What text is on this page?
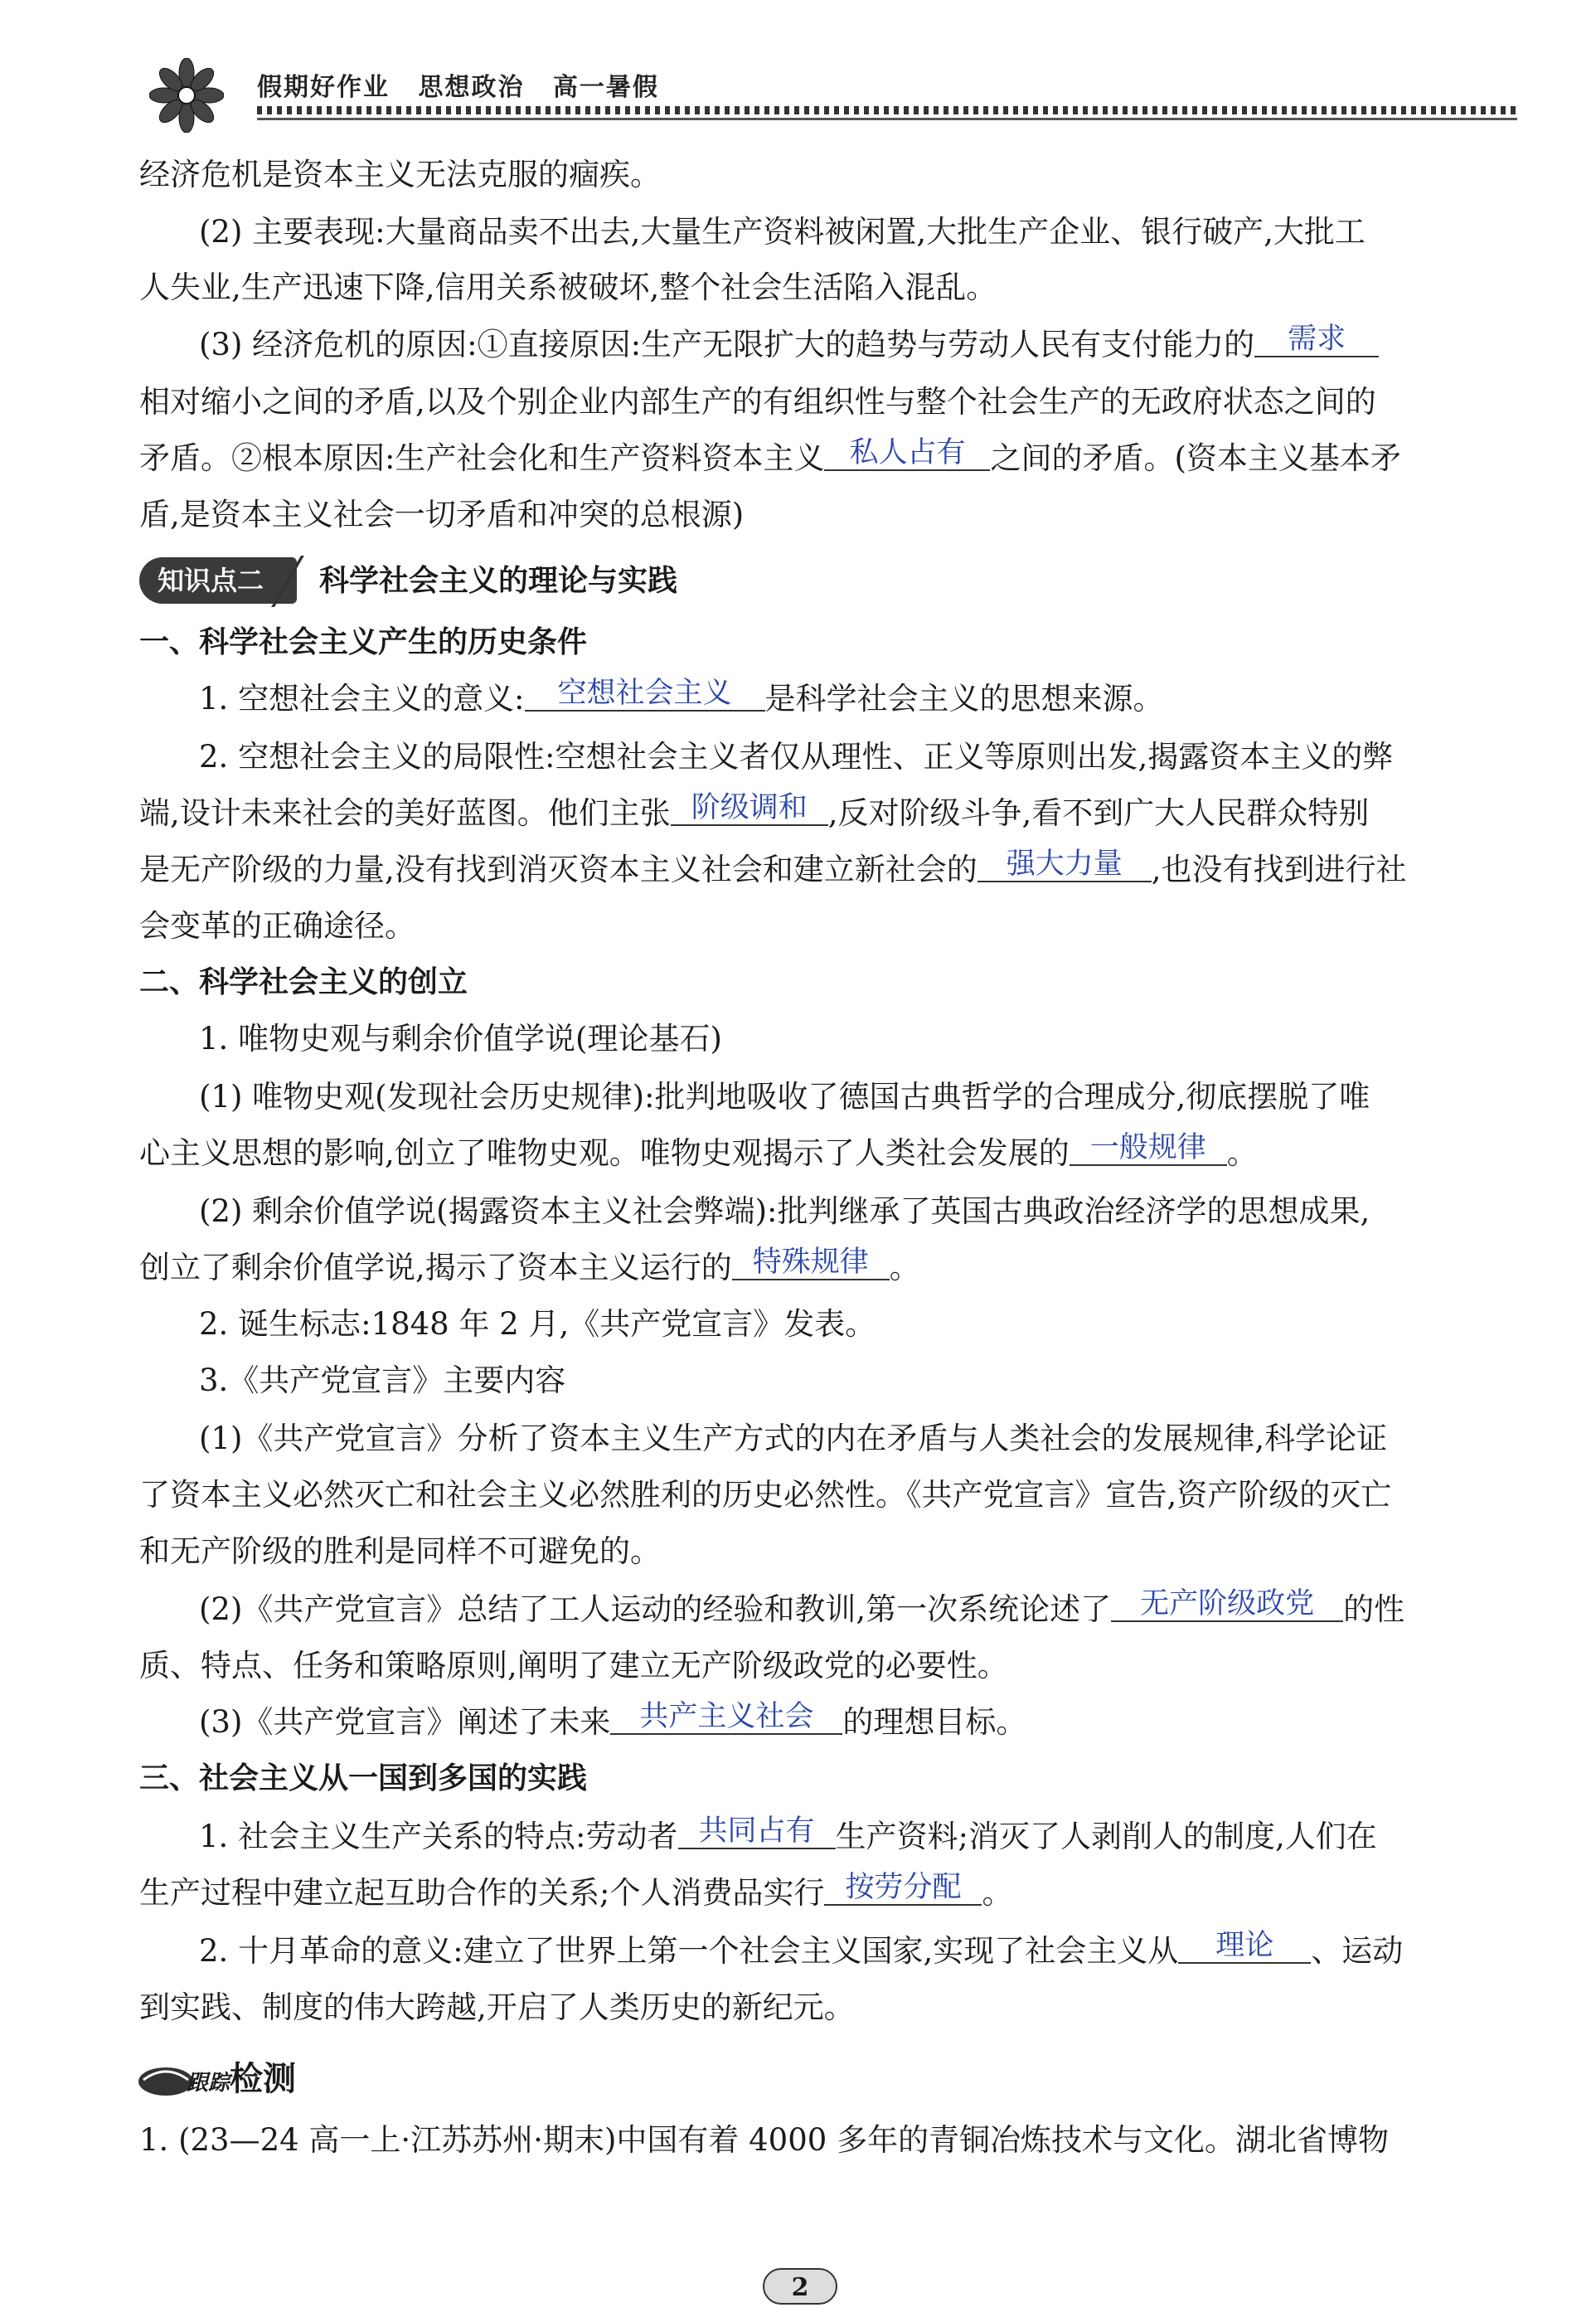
假期好作业 思想政治 高一暑假
经济危机是资本主义无法克服的痼疾。
(2) 主要表现:大量商品卖不出去,大量生产资料被闲置,大批生产企业、银行破产,大批工
人失业,生产迅速下降,信用关系被破坏,整个社会生活陷入混乱。
(3) 经济危机的原因:①直接原因:生产无限扩大的趋势与劳动人民有支付能力的 需求
相对缩小之间的矛盾,以及个别企业内部生产的有组织性与整个社会生产的无政府状态之间的
矛盾。②根本原因:生产社会化和生产资料资本主义 私人占有 之间的矛盾。(资本主义基本矛
盾,是资本主义社会一切矛盾和冲突的总根源)
知识点二	科学社会主义的理论与实践
一、科学社会主义产生的历史条件
1. 空想社会主义的意义: 空想社会主义 是科学社会主义的思想来源。
2. 空想社会主义的局限性:空想社会主义者仅从理性、正义等原则出发,揭露资本主义的弊
端,设计未来社会的美好蓝图。他们主张 阶级调和 ,反对阶级斗争,看不到广大人民群众特别
是无产阶级的力量,没有找到消灭资本主义社会和建立新社会的 强大力量 ,也没有找到进行社
会变革的正确途径。
二、科学社会主义的创立
1. 唯物史观与剩余价值学说(理论基石)
(1) 唯物史观(发现社会历史规律):批判地吸收了德国古典哲学的合理成分,彻底摆脱了唯
心主义思想的影响,创立了唯物史观。唯物史观揭示了人类社会发展的 一般规律 。
(2) 剩余价值学说(揭露资本主义社会弊端):批判继承了英国古典政治经济学的思想成果,
创立了剩余价值学说,揭示了资本主义运行的 特殊规律 。
2. 诞生标志:1848 年 2 月,《共产党宣言》发表。
3.《共产党宣言》主要内容
(1)《共产党宣言》分析了资本主义生产方式的内在矛盾与人类社会的发展规律,科学论证
了资本主义必然灭亡和社会主义必然胜利的历史必然性。《共产党宣言》宣告,资产阶级的灭亡
和无产阶级的胜利是同样不可避免的。
(2)《共产党宣言》总结了工人运动的经验和教训,第一次系统论述了 无产阶级政党 的性
质、特点、任务和策略原则,阐明了建立无产阶级政党的必要性。
(3)《共产党宣言》阐述了未来 共产主义社会 的理想目标。
三、社会主义从一国到多国的实践
1. 社会主义生产关系的特点:劳动者 共同占有 生产资料;消灭了人剥削人的制度,人们在
生产过程中建立起互助合作的关系;个人消费品实行 按劳分配 。
2. 十月革命的意义:建立了世界上第一个社会主义国家,实现了社会主义从 理论 、运动
到实践、制度的伟大跨越,开启了人类历史的新纪元。
跟踪检测
1. (23—24 高一上·江苏苏州·期末)中国有着 4000 多年的青铜冶炼技术与文化。湖北省博物
2
